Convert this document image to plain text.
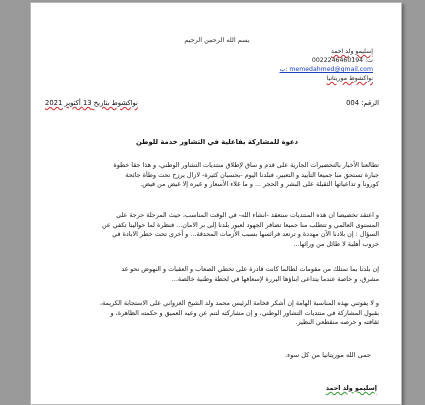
بسم الله الرحمن الرحيم
إسليمو ولد احمد
ت: 0022246460194
ب: memedahmed@gmail.com
نواكشوط موريتانيا
نواكشوط بتاريخ 13 أكتوبر 2021	الرقم: 004
دعوة للمشاركة بفاعلية في التشاور خدمة للوطن
تطالعنا الأخبار بالتحضيرات الجارية على قدم و ساق لإطلاق منتديات التشاور الوطني، و هذا حقا خطوة
جبارة تستحق منا جميعا التأييد و التعبير، فبلدنا اليوم -بحسبان كثيرة- لازال يرزح تحت وطأة جائحة
كورونا و تداعياتها الثقيلة على البشر و الحجر ... و ما غلاء الأسعار و غيره إلا غيض من فيض.
و اعتقد تخصيصا ان هذه المنتديات ستعقد -انشاء الله- في الوقت المناسب، حيث المرحلة حرجة على
المستوى العالمي و تتطلب منا جميعا تضافر الجهود لعبور بلدنا إلى بر الامان... فنظرة لما حوالينا تكفي عن
السؤال : إن بلادنا الآن مهددة و ترتعد فرائسها بسبب الأزمات المحدقة... و أخرى تحت خطر الابادة في
حروب أهلية لا طائل من ورائها...
إن بلدنا بما تمتلك من مقومات لطالما كانت قادرة على تخطي الصعاب و العقبات و النهوض نحو غد
مشرق، و خاصة عندما يتداعى ابناؤها البررة لإسعافها في لحظة وطنية خالصة...
و لا يفوتني بهذه المناسبة الهامة إن أشكر فخامة الرئيس محمد ولد الشيخ الغزواني على الاستجابة الكريمة،
بقبول المشاركة في منتديات التشاور الوطني، و إن مشاركته لتنم عن وعيه العميق و حكمته الظاهرة، و
ثقافته و حرصه منقطعي النظير.
حمى الله موريتانيا من كل سوء.
إسليمو ولد احمد
